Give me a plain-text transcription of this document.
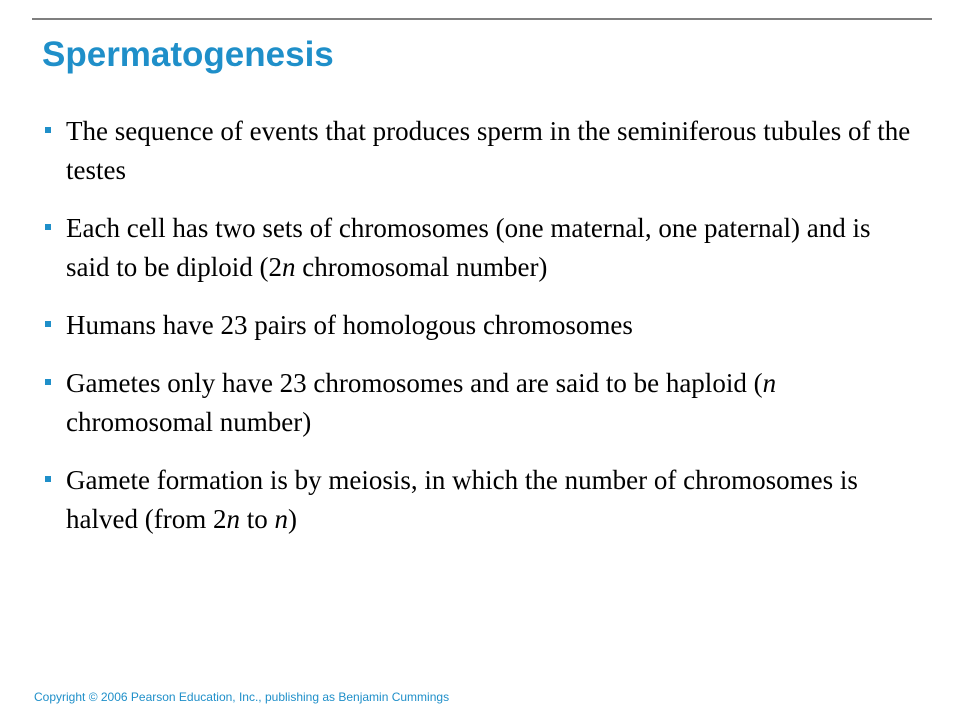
Spermatogenesis
The sequence of events that produces sperm in the seminiferous tubules of the testes
Each cell has two sets of chromosomes (one maternal, one paternal) and is said to be diploid (2n chromosomal number)
Humans have 23 pairs of homologous chromosomes
Gametes only have 23 chromosomes and are said to be haploid (n chromosomal number)
Gamete formation is by meiosis, in which the number of chromosomes is halved (from 2n to n)

Copyright © 2006 Pearson Education, Inc., publishing as Benjamin Cummings
